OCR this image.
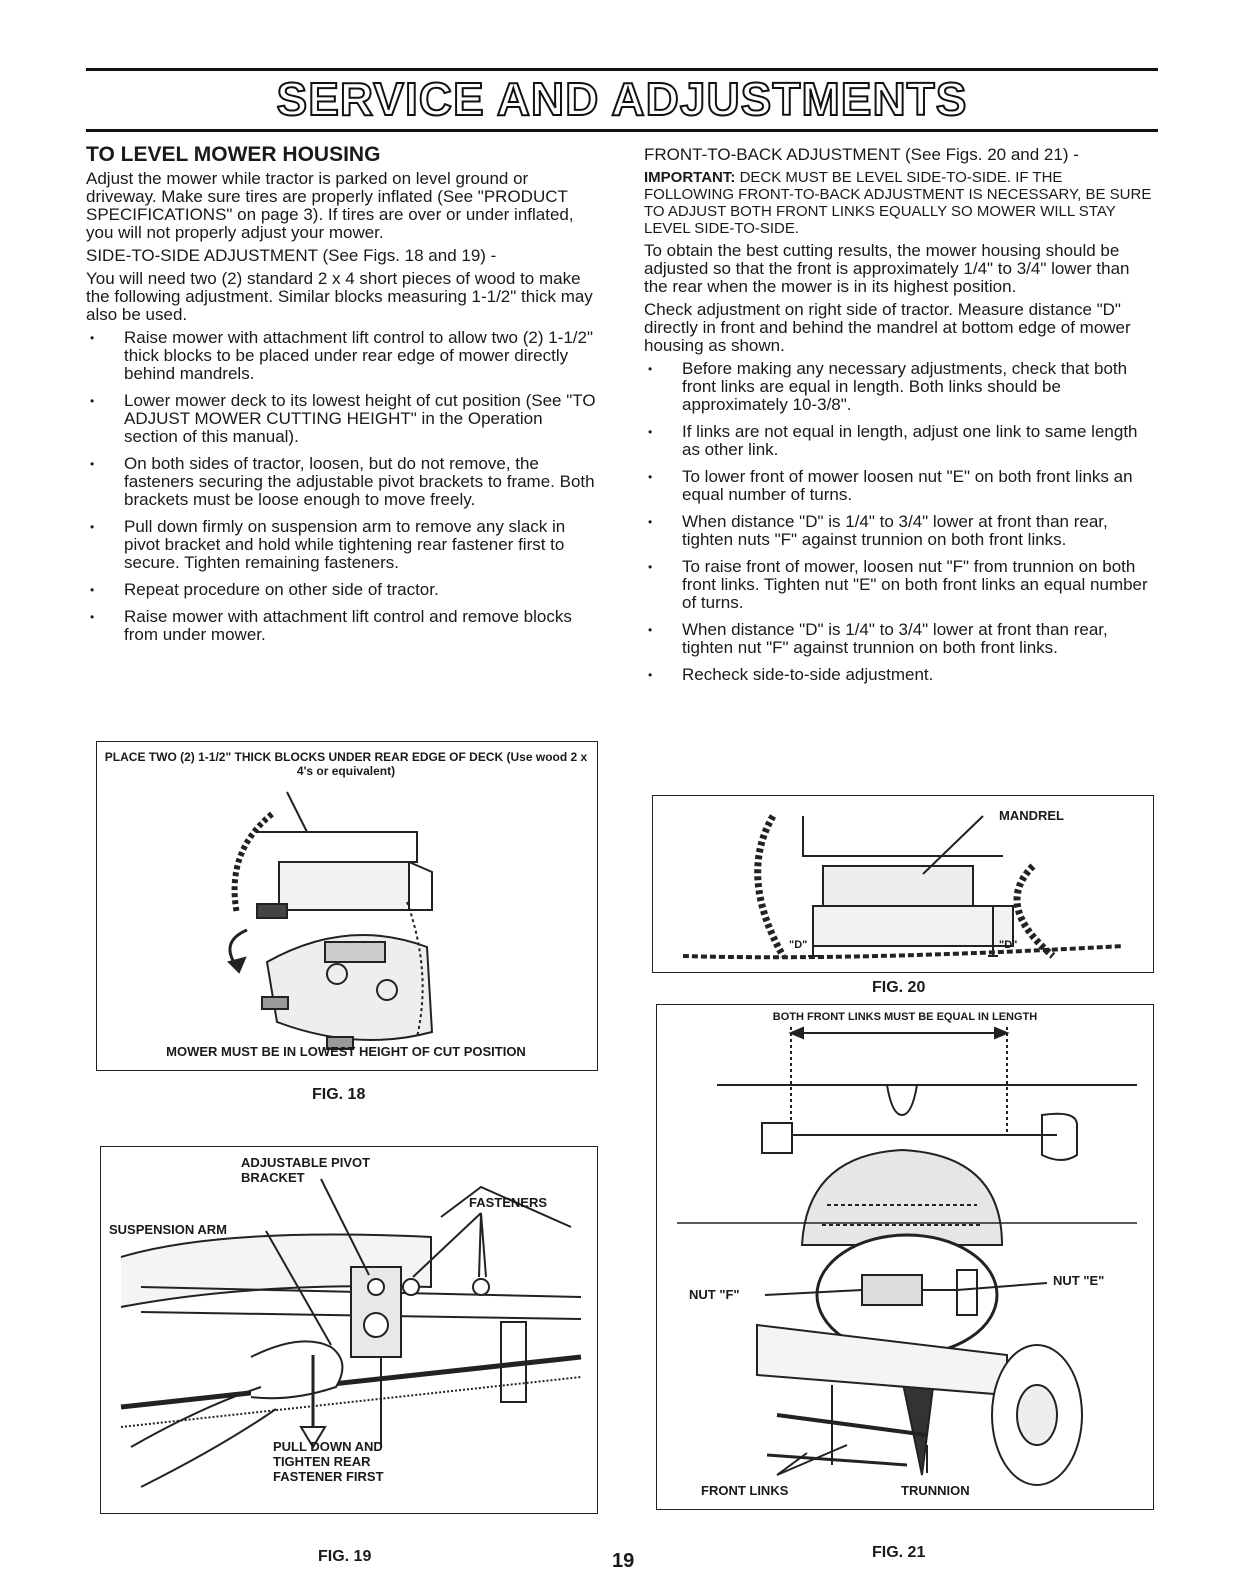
SERVICE AND ADJUSTMENTS
TO LEVEL MOWER HOUSING

Adjust the mower while tractor is parked on level ground or driveway. Make sure tires are properly inflated (See "PRODUCT SPECIFICATIONS" on page 3). If tires are over or under inflated, you will not properly adjust your mower.

SIDE-TO-SIDE ADJUSTMENT (See Figs. 18 and 19) -

You will need two (2) standard 2 x 4 short pieces of wood to make the following adjustment. Similar blocks measuring 1-1/2" thick may also be used.

• Raise mower with attachment lift control to allow two (2) 1-1/2" thick blocks to be placed under rear edge of mower directly behind mandrels.
• Lower mower deck to its lowest height of cut position (See "TO ADJUST MOWER CUTTING HEIGHT" in the Operation section of this manual).
• On both sides of tractor, loosen, but do not remove, the fasteners securing the adjustable pivot brackets to frame. Both brackets must be loose enough to move freely.
• Pull down firmly on suspension arm to remove any slack in pivot bracket and hold while tightening rear fastener first to secure. Tighten remaining fasteners.
• Repeat procedure on other side of tractor.
• Raise mower with attachment lift control and remove blocks from under mower.

FRONT-TO-BACK ADJUSTMENT (See Figs. 20 and 21) -

IMPORTANT: DECK MUST BE LEVEL SIDE-TO-SIDE. IF THE FOLLOWING FRONT-TO-BACK ADJUSTMENT IS NECESSARY, BE SURE TO ADJUST BOTH FRONT LINKS EQUALLY SO MOWER WILL STAY LEVEL SIDE-TO-SIDE.

To obtain the best cutting results, the mower housing should be adjusted so that the front is approximately 1/4" to 3/4" lower than the rear when the mower is in its highest position.

Check adjustment on right side of tractor. Measure distance "D" directly in front and behind the mandrel at bottom edge of mower housing as shown.

• Before making any necessary adjustments, check that both front links are equal in length. Both links should be approximately 10-3/8".
• If links are not equal in length, adjust one link to same length as other link.
• To lower front of mower loosen nut "E" on both front links an equal number of turns.
• When distance "D" is 1/4" to 3/4" lower at front than rear, tighten nuts "F" against trunnion on both front links.
• To raise front of mower, loosen nut "F" from trunnion on both front links. Tighten nut "E" on both front links an equal number of turns.
• When distance "D" is 1/4" to 3/4" lower at front than rear, tighten nut "F" against trunnion on both front links.
• Recheck side-to-side adjustment.
PLACE TWO (2) 1-1/2" THICK BLOCKS UNDER REAR EDGE OF DECK (Use wood 2 x 4's or equivalent)
MOWER MUST BE IN LOWEST HEIGHT OF CUT POSITION
FIG. 18
ADJUSTABLE PIVOT BRACKET
FASTENERS
SUSPENSION ARM
PULL DOWN AND TIGHTEN REAR FASTENER FIRST
FIG. 19
MANDREL
"D"	"D"
FIG. 20
BOTH FRONT LINKS MUST BE EQUAL IN LENGTH
NUT "E"
NUT "F"
FRONT LINKS	TRUNNION
FIG. 21
19
